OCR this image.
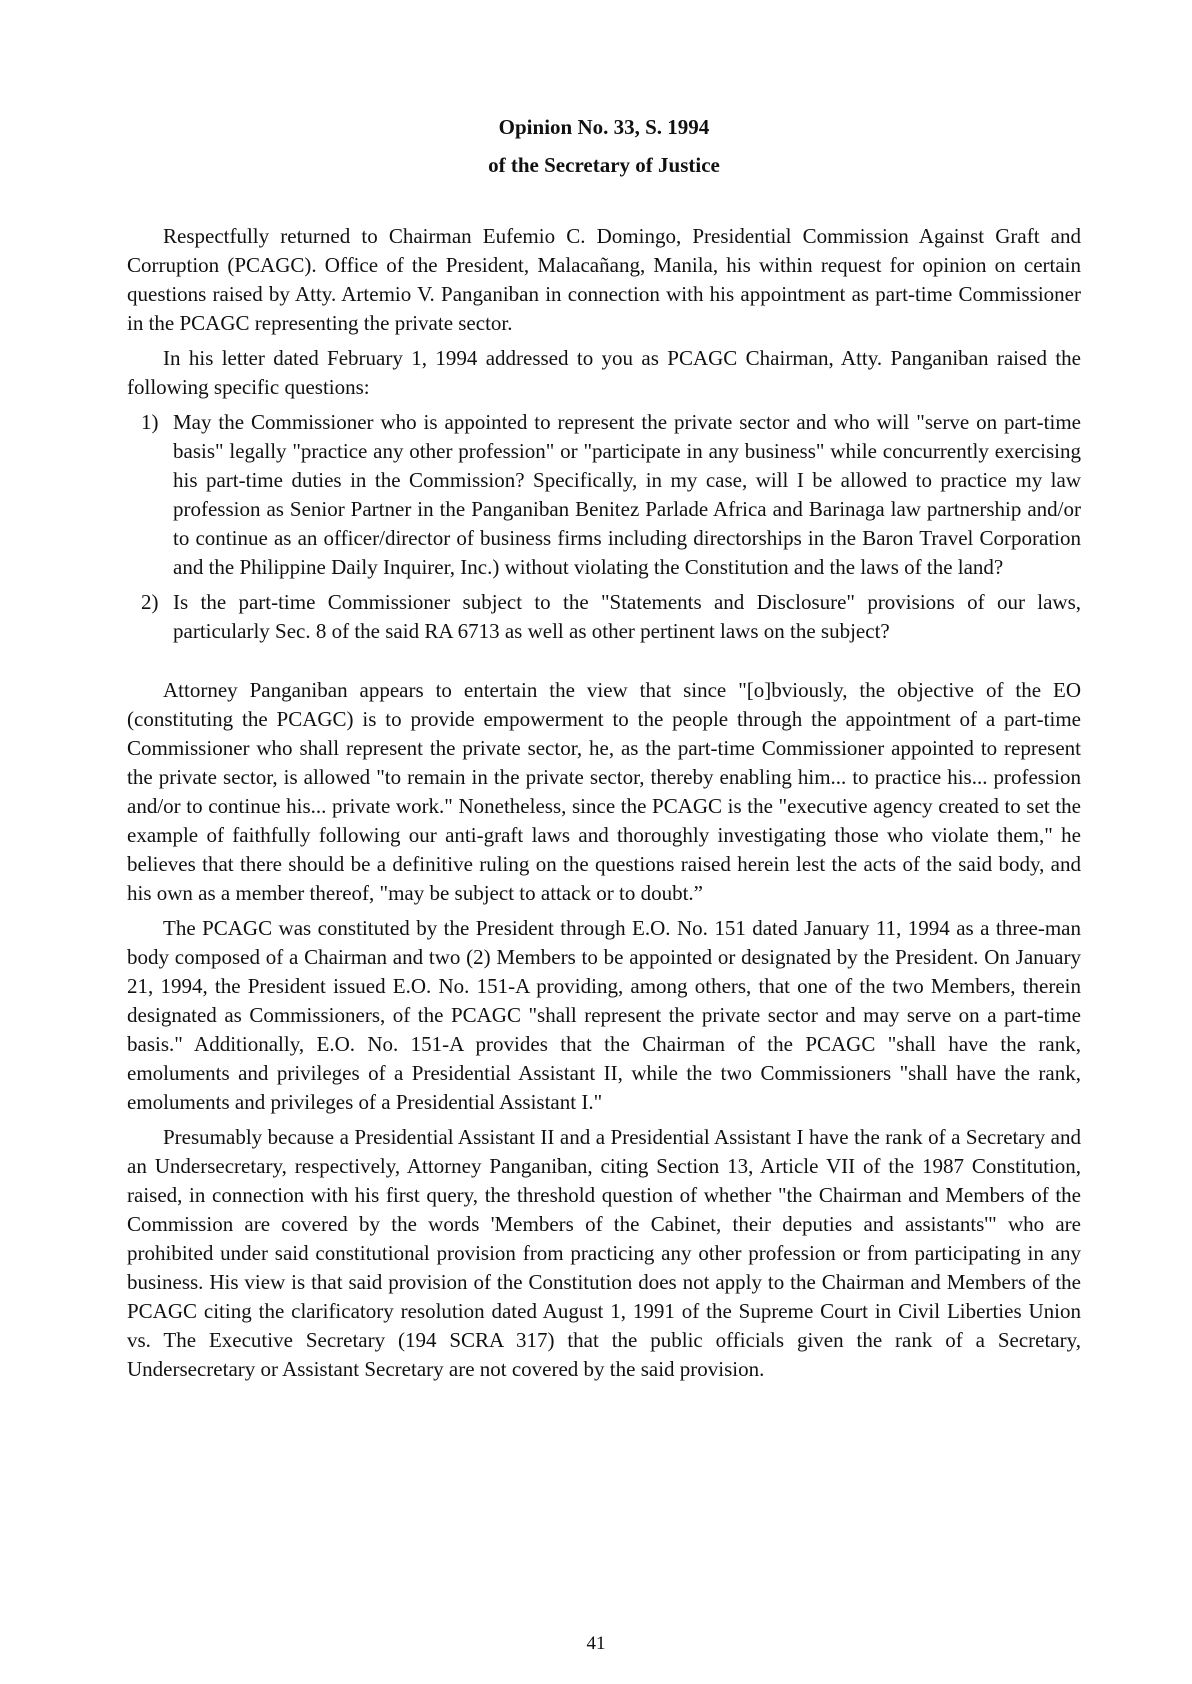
Opinion No. 33, S. 1994

of the Secretary of Justice

Respectfully returned to Chairman Eufemio C. Domingo, Presidential Commission Against Graft and Corruption (PCAGC). Office of the President, Malacañang, Manila, his within request for opinion on certain questions raised by Atty. Artemio V. Panganiban in connection with his appointment as part-time Commissioner in the PCAGC representing the private sector.

In his letter dated February 1, 1994 addressed to you as PCAGC Chairman, Atty. Panganiban raised the following specific questions:

1) May the Commissioner who is appointed to represent the private sector and who will "serve on part-time basis" legally "practice any other profession" or "participate in any business" while concurrently exercising his part-time duties in the Commission? Specifically, in my case, will I be allowed to practice my law profession as Senior Partner in the Panganiban Benitez Parlade Africa and Barinaga law partnership and/or to continue as an officer/director of business firms including directorships in the Baron Travel Corporation and the Philippine Daily Inquirer, Inc.) without violating the Constitution and the laws of the land?
2) Is the part-time Commissioner subject to the "Statements and Disclosure" provisions of our laws, particularly Sec. 8 of the said RA 6713 as well as other pertinent laws on the subject?

Attorney Panganiban appears to entertain the view that since "[o]bviously, the objective of the EO (constituting the PCAGC) is to provide empowerment to the people through the appointment of a part-time Commissioner who shall represent the private sector, he, as the part-time Commissioner appointed to represent the private sector, is allowed "to remain in the private sector, thereby enabling him... to practice his... profession and/or to continue his... private work." Nonetheless, since the PCAGC is the "executive agency created to set the example of faithfully following our anti-graft laws and thoroughly investigating those who violate them," he believes that there should be a definitive ruling on the questions raised herein lest the acts of the said body, and his own as a member thereof, "may be subject to attack or to doubt.”

The PCAGC was constituted by the President through E.O. No. 151 dated January 11, 1994 as a three-man body composed of a Chairman and two (2) Members to be appointed or designated by the President. On January 21, 1994, the President issued E.O. No. 151-A providing, among others, that one of the two Members, therein designated as Commissioners, of the PCAGC "shall represent the private sector and may serve on a part-time basis." Additionally, E.O. No. 151-A provides that the Chairman of the PCAGC "shall have the rank, emoluments and privileges of a Presidential Assistant II, while the two Commissioners "shall have the rank, emoluments and privileges of a Presidential Assistant I."

Presumably because a Presidential Assistant II and a Presidential Assistant I have the rank of a Secretary and an Undersecretary, respectively, Attorney Panganiban, citing Section 13, Article VII of the 1987 Constitution, raised, in connection with his first query, the threshold question of whether "the Chairman and Members of the Commission are covered by the words 'Members of the Cabinet, their deputies and assistants'" who are prohibited under said constitutional provision from practicing any other profession or from participating in any business. His view is that said provision of the Constitution does not apply to the Chairman and Members of the PCAGC citing the clarificatory resolution dated August 1, 1991 of the Supreme Court in Civil Liberties Union vs. The Executive Secretary (194 SCRA 317) that the public officials given the rank of a Secretary, Undersecretary or Assistant Secretary are not covered by the said provision.

41
